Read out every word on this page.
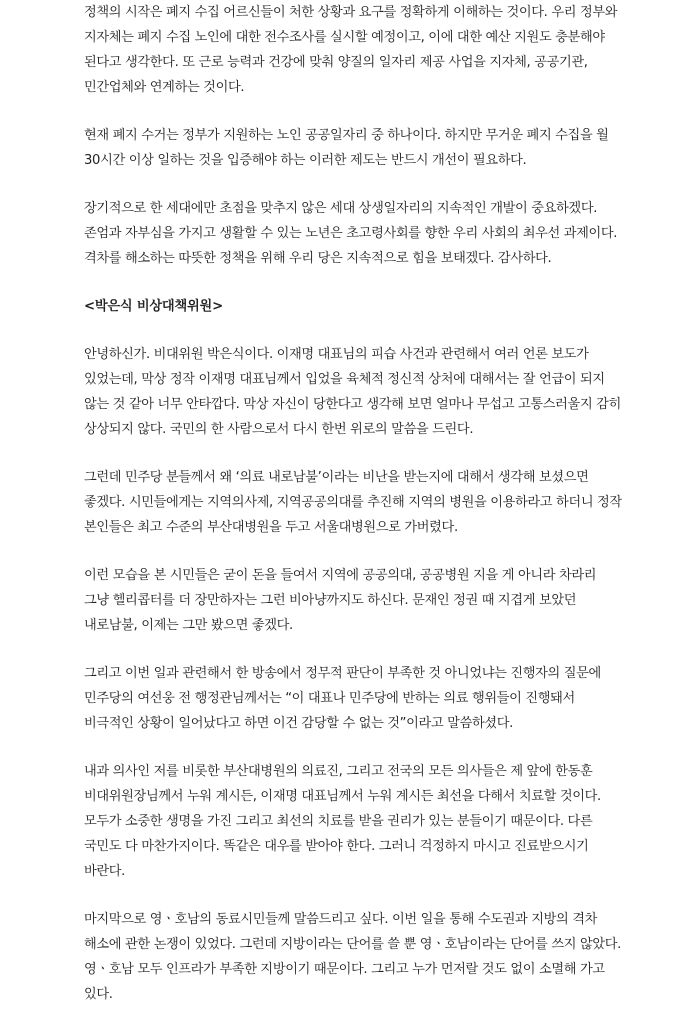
정책의 시작은 폐지 수집 어르신들이 처한 상황과 요구를 정확하게 이해하는 것이다. 우리 정부와 지자체는 폐지 수집 노인에 대한 전수조사를 실시할 예정이고, 이에 대한 예산 지원도 충분해야 된다고 생각한다. 또 근로 능력과 건강에 맞춰 양질의 일자리 제공 사업을 지자체, 공공기관, 민간업체와 연계하는 것이다.

현재 폐지 수거는 정부가 지원하는 노인 공공일자리 중 하나이다. 하지만 무거운 폐지 수집을 월 30시간 이상 일하는 것을 입증해야 하는 이러한 제도는 반드시 개선이 필요하다.

장기적으로 한 세대에만 초점을 맞추지 않은 세대 상생일자리의 지속적인 개발이 중요하겠다. 존엄과 자부심을 가지고 생활할 수 있는 노년은 초고령사회를 향한 우리 사회의 최우선 과제이다. 격차를 해소하는 따뜻한 정책을 위해 우리 당은 지속적으로 힘을 보태겠다. 감사하다.

<박은식 비상대책위원>

안녕하신가. 비대위원 박은식이다. 이재명 대표님의 피습 사건과 관련해서 여러 언론 보도가 있었는데, 막상 정작 이재명 대표님께서 입었을 육체적 정신적 상처에 대해서는 잘 언급이 되지 않는 것 같아 너무 안타깝다. 막상 자신이 당한다고 생각해 보면 얼마나 무섭고 고통스러울지 감히 상상되지 않다. 국민의 한 사람으로서 다시 한번 위로의 말씀을 드린다.

그런데 민주당 분들께서 왜 ‘의료 내로남불’이라는 비난을 받는지에 대해서 생각해 보셨으면 좋겠다. 시민들에게는 지역의사제, 지역공공의대를 추진해 지역의 병원을 이용하라고 하더니 정작 본인들은 최고 수준의 부산대병원을 두고 서울대병원으로 가버렸다.

이런 모습을 본 시민들은 굳이 돈을 들여서 지역에 공공의대, 공공병원 지을 게 아니라 차라리 그냥 헬리콥터를 더 장만하자는 그런 비아냥까지도 하신다. 문재인 정권 때 지겹게 보았던 내로남불, 이제는 그만 봤으면 좋겠다.

그리고 이번 일과 관련해서 한 방송에서 정무적 판단이 부족한 것 아니었냐는 진행자의 질문에 민주당의 여선웅 전 행정관님께서는 “이 대표나 민주당에 반하는 의료 행위들이 진행돼서 비극적인 상황이 일어났다고 하면 이건 감당할 수 없는 것”이라고 말씀하셨다.

내과 의사인 저를 비롯한 부산대병원의 의료진, 그리고 전국의 모든 의사들은 제 앞에 한동훈 비대위원장님께서 누워 계시든, 이재명 대표님께서 누워 계시든 최선을 다해서 치료할 것이다. 모두가 소중한 생명을 가진 그리고 최선의 치료를 받을 권리가 있는 분들이기 때문이다. 다른 국민도 다 마찬가지이다. 똑같은 대우를 받아야 한다. 그러니 걱정하지 마시고 진료받으시기 바란다.

마지막으로 영ㆍ호남의 동료시민들께 말씀드리고 싶다. 이번 일을 통해 수도권과 지방의 격차 해소에 관한 논쟁이 있었다. 그런데 지방이라는 단어를 쓸 뿐 영ㆍ호남이라는 단어를 쓰지 않았다. 영ㆍ호남 모두 인프라가 부족한 지방이기 때문이다. 그리고 누가 먼저랄 것도 없이 소멸해 가고 있다.
